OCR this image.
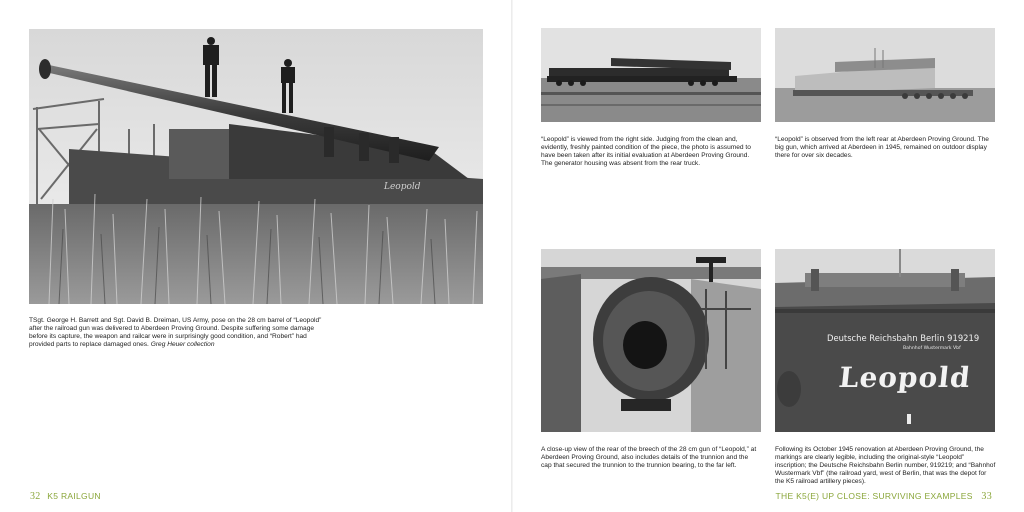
Leopold

TSgt. George H. Barrett and Sgt. David B. Dreiman, US Army, pose on the 28 cm barrel of “Leopold” after the railroad gun was delivered to Aberdeen Proving Ground. Despite suffering some damage before its capture, the weapon and railcar were in surprisingly good condition, and “Robert” had provided parts to replace damaged ones. Greg Heuer collection

“Leopold” is viewed from the right side. Judging from the clean and, evidently, freshly painted condition of the piece, the photo is assumed to have been taken after its initial evaluation at Aberdeen Proving Ground. The generator housing was absent from the rear truck.

“Leopold” is observed from the left rear at Aberdeen Proving Ground. The big gun, which arrived at Aberdeen in 1945, remained on outdoor display there for over six decades.

A close-up view of the rear of the breech of the 28 cm gun of “Leopold,” at Aberdeen Proving Ground, also includes details of the trunnion and the cap that secured the trunnion to the trunnion bearing, to the far left.

Deutsche Reichsbahn Berlin 919219
Bahnhof Wustermark Vbf
Leopold

Following its October 1945 renovation at Aberdeen Proving Ground, the markings are clearly legible, including the original-style “Leopold” inscription; the Deutsche Reichsbahn Berlin number, 919219; and “Bahnhof Wustermark Vbf” (the railroad yard, west of Berlin, that was the depot for the K5 railroad artillery pieces).

32 K5 RAILGUN	THE K5(E) UP CLOSE: SURVIVING EXAMPLES 33
